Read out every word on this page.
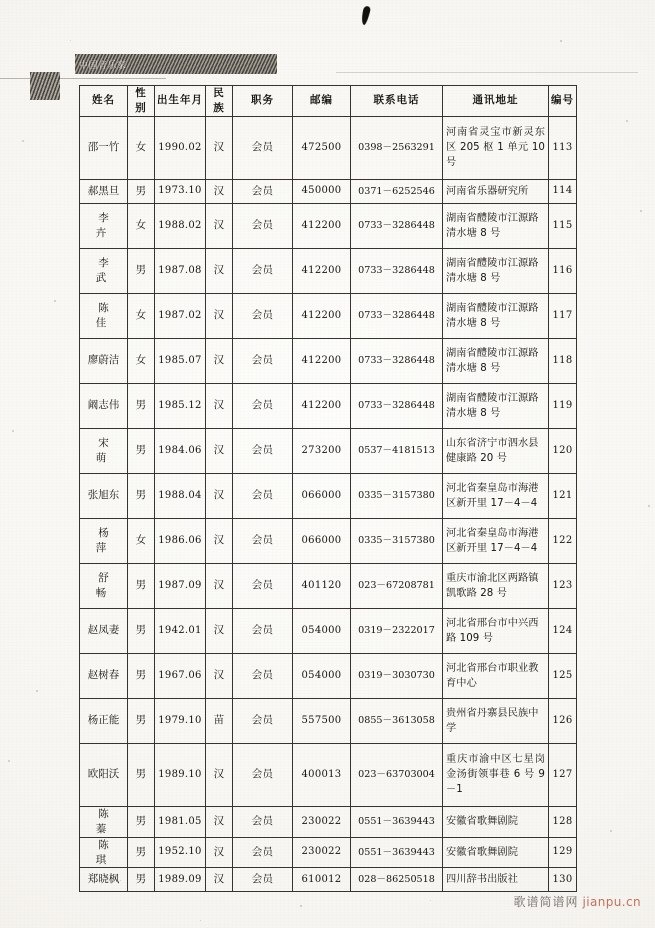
中国音乐家
姓名	性别	出生年月	民族	职务	邮编	联系电话	通讯地址	编号
邵一竹	女	1990.02	汉	会员	472500	0398－2563291	河南省灵宝市新灵东区 205 枢 1 单元 10 号	113
郝黑旦	男	1973.10	汉	会员	450000	0371－6252546	河南省乐器研究所	114
李 卉	女	1988.02	汉	会员	412200	0733－3286448	湖南省醴陵市江源路清水塘 8 号	115
李 武	男	1987.08	汉	会员	412200	0733－3286448	湖南省醴陵市江源路清水塘 8 号	116
陈 佳	女	1987.02	汉	会员	412200	0733－3286448	湖南省醴陵市江源路清水塘 8 号	117
廖蔚洁	女	1985.07	汉	会员	412200	0733－3286448	湖南省醴陵市江源路清水塘 8 号	118
阚志伟	男	1985.12	汉	会员	412200	0733－3286448	湖南省醴陵市江源路清水塘 8 号	119
宋 萌	男	1984.06	汉	会员	273200	0537－4181513	山东省济宁市泗水县健康路 20 号	120
张旭东	男	1988.04	汉	会员	066000	0335－3157380	河北省秦皇岛市海港区新开里 17－4－4	121
杨 萍	女	1986.06	汉	会员	066000	0335－3157380	河北省秦皇岛市海港区新开里 17－4－4	122
舒 畅	男	1987.09	汉	会员	401120	023－67208781	重庆市渝北区两路镇凯歌路 28 号	123
赵凤妻	男	1942.01	汉	会员	054000	0319－2322017	河北省邢台市中兴西路 109 号	124
赵树春	男	1967.06	汉	会员	054000	0319－3030730	河北省邢台市职业教育中心	125
杨正能	男	1979.10	苗	会员	557500	0855－3613058	贵州省丹寨县民族中学	126
欧阳沃	男	1989.10	汉	会员	400013	023－63703004	重庆市渝中区七星岗金汤街领事巷 6 号 9－1	127
陈 蓁	男	1981.05	汉	会员	230022	0551－3639443	安徽省歌舞剧院	128
陈 琪	男	1952.10	汉	会员	230022	0551－3639443	安徽省歌舞剧院	129
郑晓枫	男	1989.09	汉	会员	610012	028－86250518	四川辞书出版社	130
歌谱简谱网 jianpu.cn
